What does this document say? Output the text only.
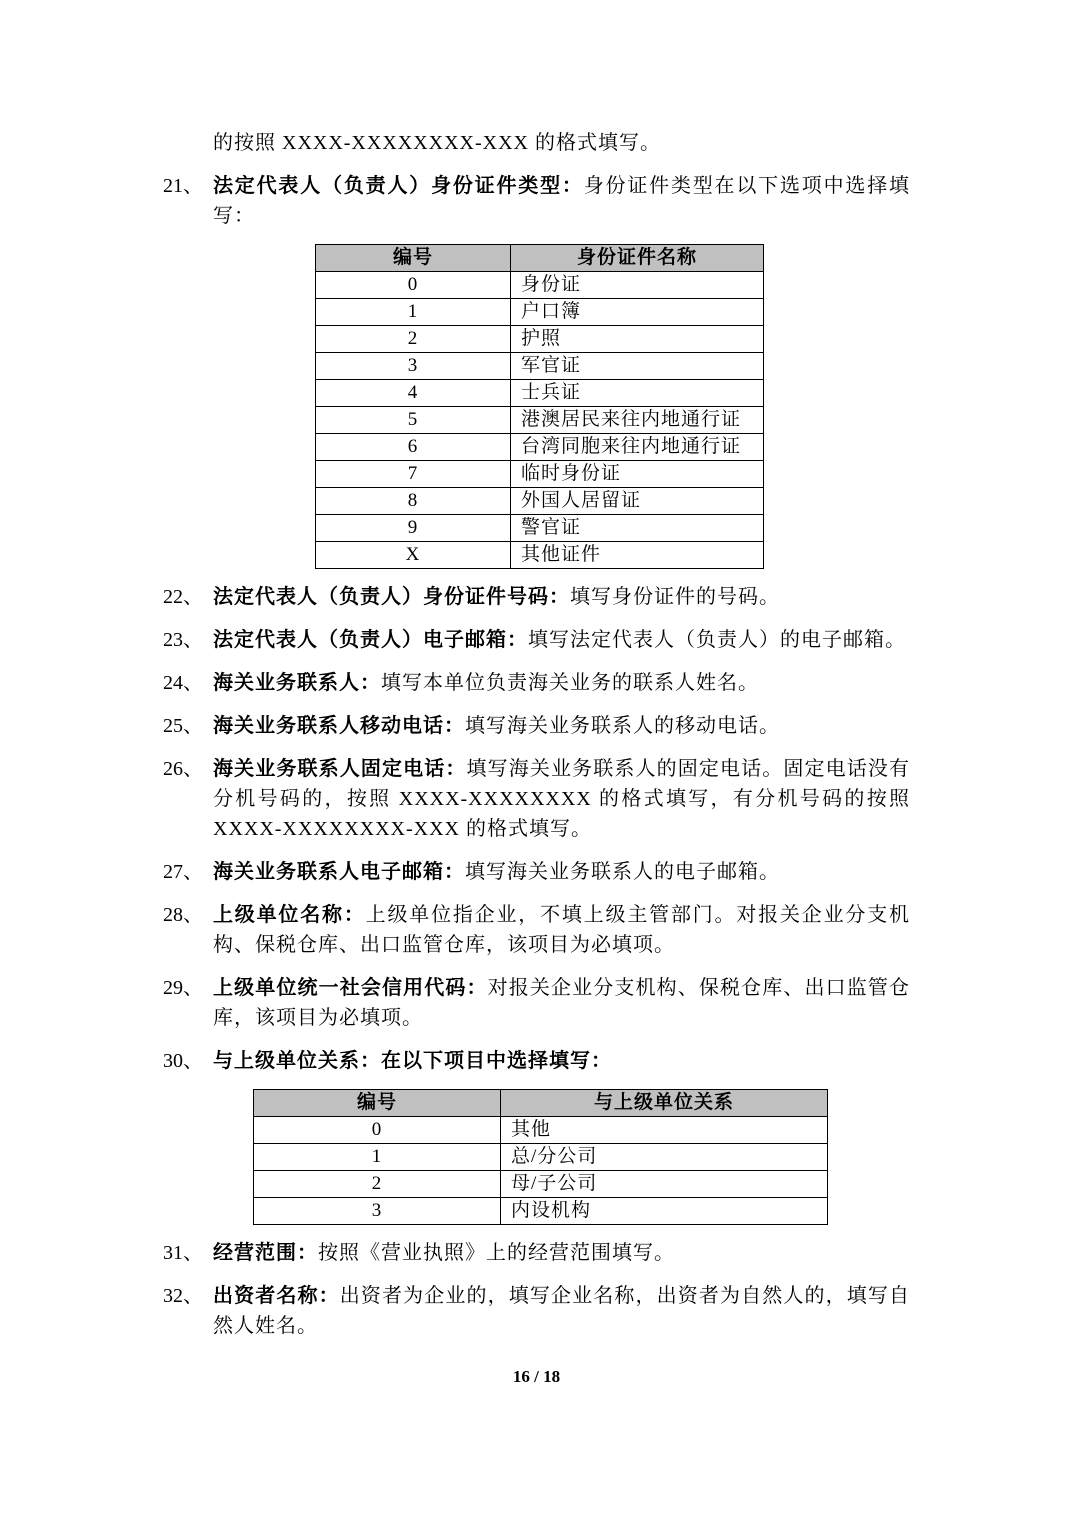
的按照 XXXX-XXXXXXXX-XXX 的格式填写。

21、 法定代表人（负责人）身份证件类型：身份证件类型在以下选项中选择填写：
编号	身份证件名称
0	身份证
1	户口簿
2	护照
3	军官证
4	士兵证
5	港澳居民来往内地通行证
6	台湾同胞来往内地通行证
7	临时身份证
8	外国人居留证
9	警官证
X	其他证件
22、 法定代表人（负责人）身份证件号码：填写身份证件的号码。
23、 法定代表人（负责人）电子邮箱：填写法定代表人（负责人）的电子邮箱。
24、 海关业务联系人：填写本单位负责海关业务的联系人姓名。
25、 海关业务联系人移动电话：填写海关业务联系人的移动电话。
26、 海关业务联系人固定电话：填写海关业务联系人的固定电话。固定电话没有分机号码的，按照 XXXX-XXXXXXXX 的格式填写，有分机号码的按照 XXXX-XXXXXXXX-XXX 的格式填写。
27、 海关业务联系人电子邮箱：填写海关业务联系人的电子邮箱。
28、 上级单位名称：上级单位指企业，不填上级主管部门。对报关企业分支机构、保税仓库、出口监管仓库，该项目为必填项。
29、 上级单位统一社会信用代码：对报关企业分支机构、保税仓库、出口监管仓库，该项目为必填项。
30、 与上级单位关系：在以下项目中选择填写：
编号	与上级单位关系
0	其他
1	总/分公司
2	母/子公司
3	内设机构
31、 经营范围：按照《营业执照》上的经营范围填写。
32、 出资者名称：出资者为企业的，填写企业名称，出资者为自然人的，填写自然人姓名。
16 / 18
